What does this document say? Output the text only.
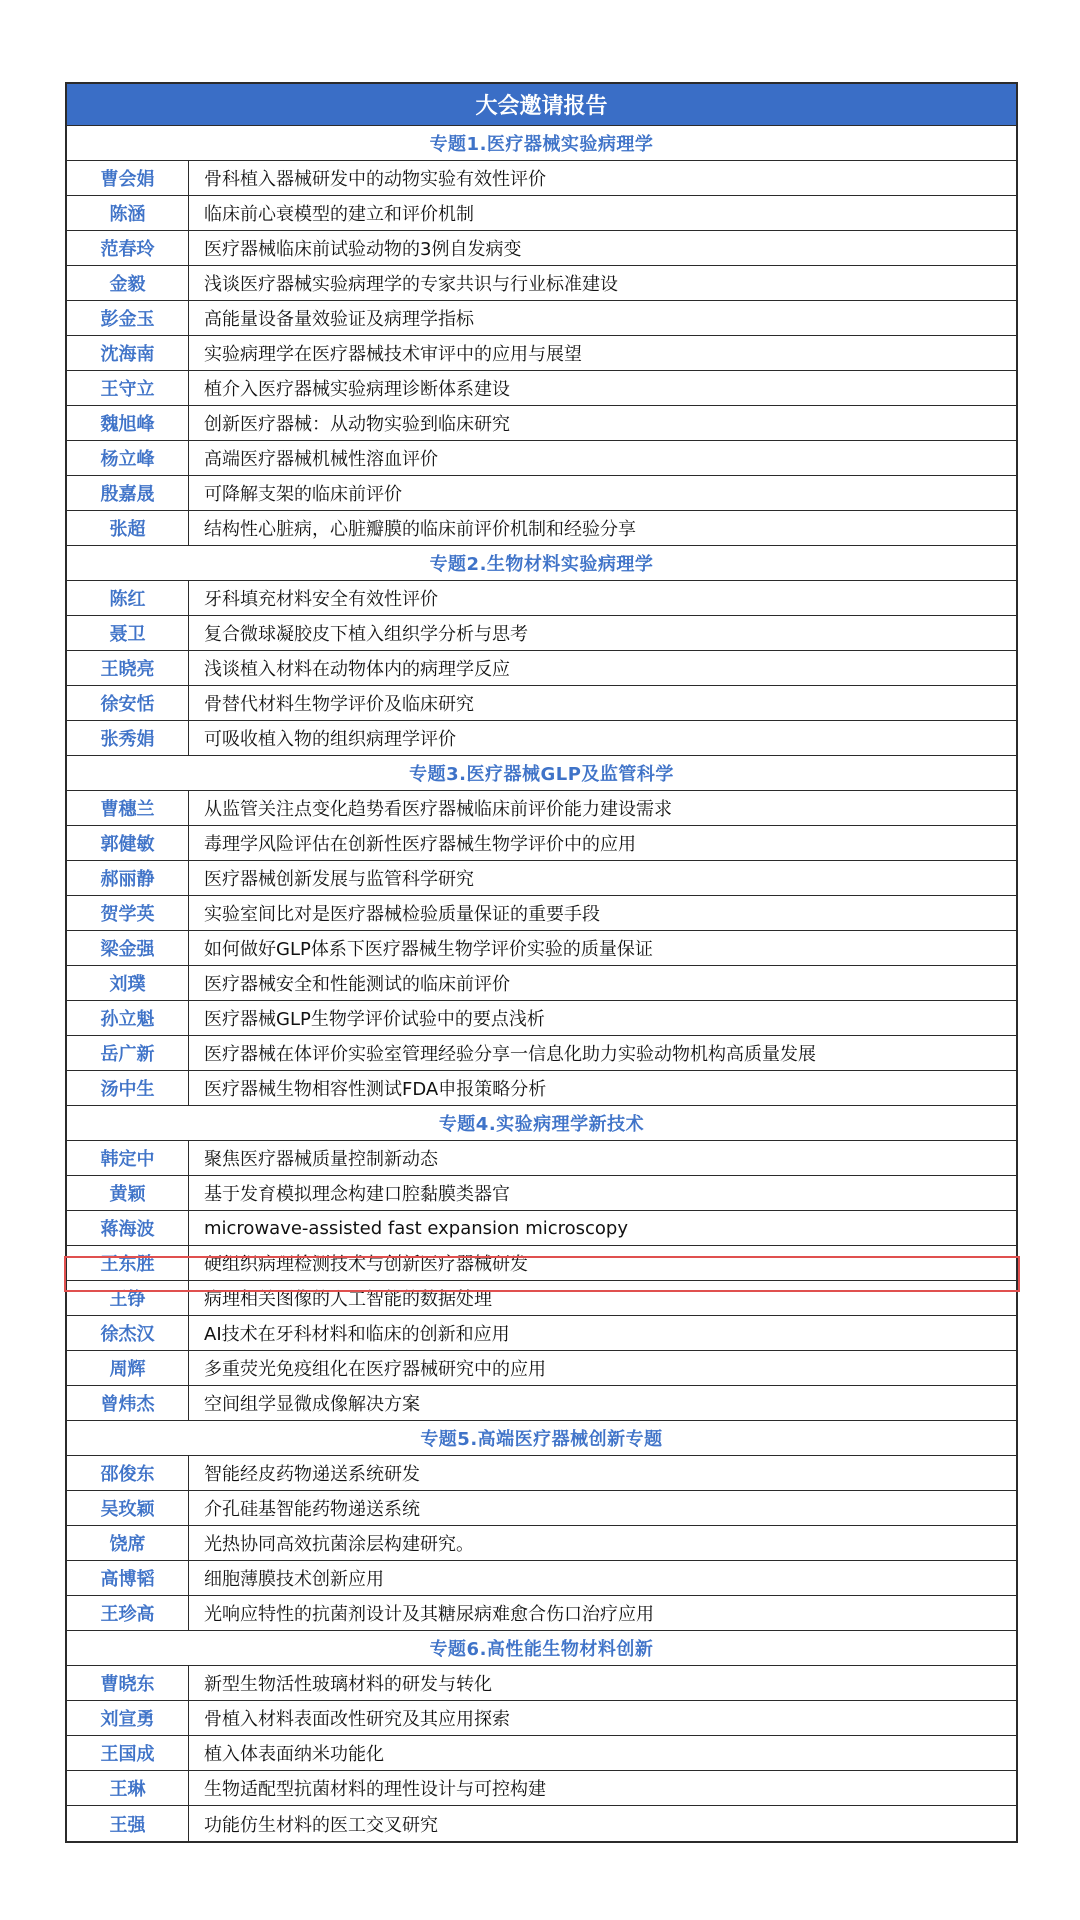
大会邀请报告
专题1.医疗器械实验病理学
曹会娟	骨科植入器械研发中的动物实验有效性评价
陈涵	临床前心衰模型的建立和评价机制
范春玲	医疗器械临床前试验动物的3例自发病变
金毅	浅谈医疗器械实验病理学的专家共识与行业标准建设
彭金玉	高能量设备量效验证及病理学指标
沈海南	实验病理学在医疗器械技术审评中的应用与展望
王守立	植介入医疗器械实验病理诊断体系建设
魏旭峰	创新医疗器械：从动物实验到临床研究
杨立峰	高端医疗器械机械性溶血评价
殷嘉晟	可降解支架的临床前评价
张超	结构性心脏病，心脏瓣膜的临床前评价机制和经验分享
专题2.生物材料实验病理学
陈红	牙科填充材料安全有效性评价
聂卫	复合微球凝胶皮下植入组织学分析与思考
王晓亮	浅谈植入材料在动物体内的病理学反应
徐安恬	骨替代材料生物学评价及临床研究
张秀娟	可吸收植入物的组织病理学评价
专题3.医疗器械GLP及监管科学
曹穗兰	从监管关注点变化趋势看医疗器械临床前评价能力建设需求
郭健敏	毒理学风险评估在创新性医疗器械生物学评价中的应用
郝丽静	医疗器械创新发展与监管科学研究
贺学英	实验室间比对是医疗器械检验质量保证的重要手段
梁金强	如何做好GLP体系下医疗器械生物学评价实验的质量保证
刘璞	医疗器械安全和性能测试的临床前评价
孙立魁	医疗器械GLP生物学评价试验中的要点浅析
岳广新	医疗器械在体评价实验室管理经验分享一信息化助力实验动物机构高质量发展
汤中生	医疗器械生物相容性测试FDA申报策略分析
专题4.实验病理学新技术
韩定中	聚焦医疗器械质量控制新动态
黄颖	基于发育模拟理念构建口腔黏膜类器官
蒋海波	microwave-assisted fast expansion microscopy
王东胜	硬组织病理检测技术与创新医疗器械研发
王铮	病理相关图像的人工智能的数据处理
徐杰汉	AI技术在牙科材料和临床的创新和应用
周辉	多重荧光免疫组化在医疗器械研究中的应用
曾炜杰	空间组学显微成像解决方案
专题5.高端医疗器械创新专题
邵俊东	智能经皮药物递送系统研发
吴玫颖	介孔硅基智能药物递送系统
饶席	光热协同高效抗菌涂层构建研究。
高博韬	细胞薄膜技术创新应用
王珍高	光响应特性的抗菌剂设计及其糖尿病难愈合伤口治疗应用
专题6.高性能生物材料创新
曹晓东	新型生物活性玻璃材料的研发与转化
刘宣勇	骨植入材料表面改性研究及其应用探索
王国成	植入体表面纳米功能化
王琳	生物适配型抗菌材料的理性设计与可控构建
王强	功能仿生材料的医工交叉研究
